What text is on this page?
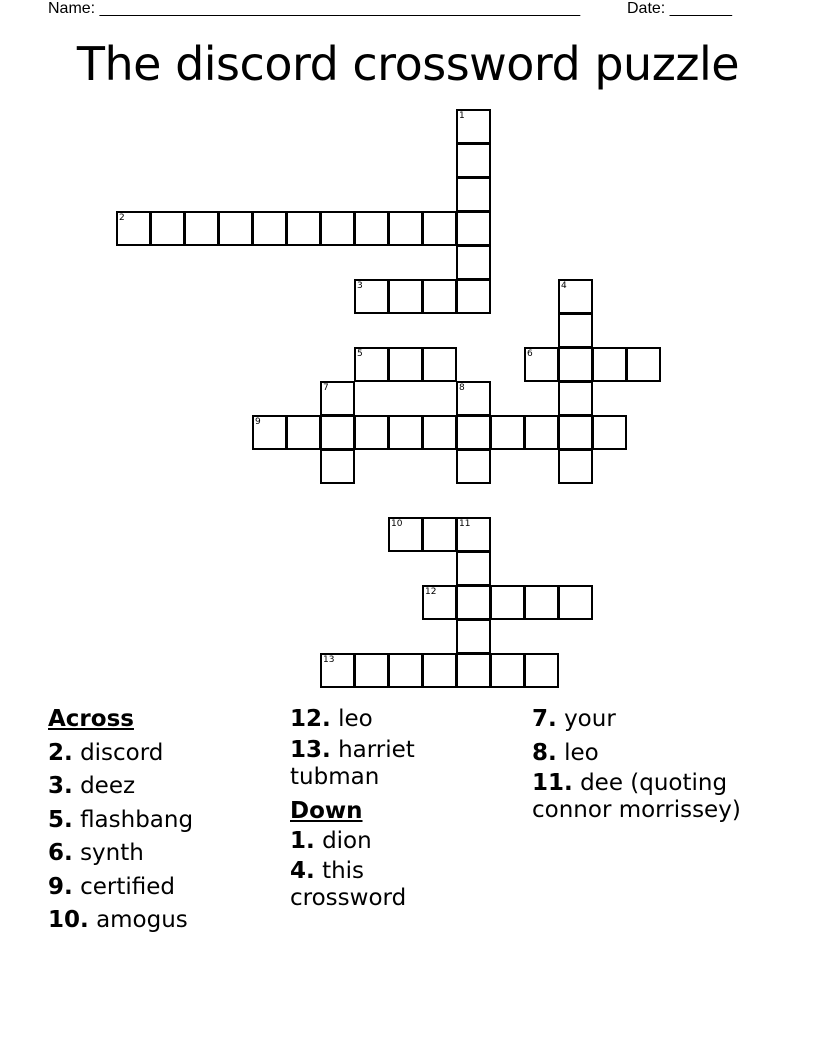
Name: ______________________________________________________	Date: _______
The discord crossword puzzle
1
2
3	4
5	6
7	8
9
10	11
12
13
Across
2. discord
3. deez
5. flashbang
6. synth
9. certified
10. amogus
12. leo
13. harriet tubman
Down
1. dion
4. this crossword
7. your
8. leo
11. dee (quoting connor morrissey)
